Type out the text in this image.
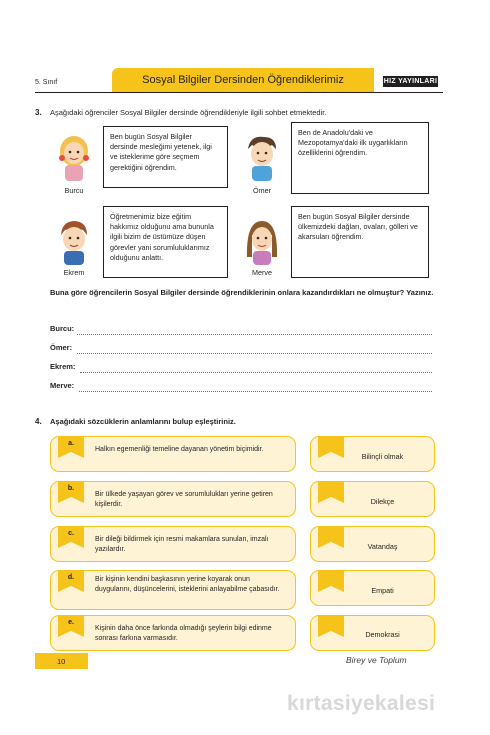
5. Sınıf	Sosyal Bilgiler Dersinden Öğrendiklerimiz	HIZ YAYINLARI
3. Aşağıdaki öğrenciler Sosyal Bilgiler dersinde öğrendikleriyle ilgili sohbet etmektedir.
Burcu
Ben bugün Sosyal Bilgiler dersinde mesleğimi yetenek, ilgi ve isteklerime göre seçmem gerektiğini öğrendim.
Ömer
Ben de Anadolu'daki ve Mezopotamya'daki ilk uygarlıkların özelliklerini öğrendim.
Ekrem
Öğretmenimiz bize eğitim hakkımız olduğunu ama bununla ilgili bizim de üstümüze düşen görevler yani sorumluluklarımız olduğunu anlattı.
Merve
Ben bugün Sosyal Bilgiler dersinde ülkemizdeki dağları, ovaları, gölleri ve akarsuları öğrendim.
Buna göre öğrencilerin Sosyal Bilgiler dersinde öğrendiklerinin onlara kazandırdıkları ne olmuştur? Yazınız.
Burcu:
Ömer:
Ekrem:
Merve:
4. Aşağıdaki sözcüklerin anlamlarını bulup eşleştiriniz.
a.
Halkın egemenliği temeline dayanan yönetim biçimidir.
b.
Bir ülkede yaşayan görev ve sorumlulukları yerine getiren kişilerdir.
c.
Bir dileği bildirmek için resmi makamlara sunulan, imzalı yazılardır.
d.	Bir kişinin kendini başkasının yerine koyarak onun duygularını, düşüncelerini, isteklerini anlayabilme çabasıdır.
e.
Kişinin daha önce farkında olmadığı şeylerin bilgi edinme sonrası farkına varmasıdır.
Bilinçli olmak
Dilekçe
Vatandaş
Empati
Demokrasi
10	Birey ve Toplum
kırtasiyekalesi
